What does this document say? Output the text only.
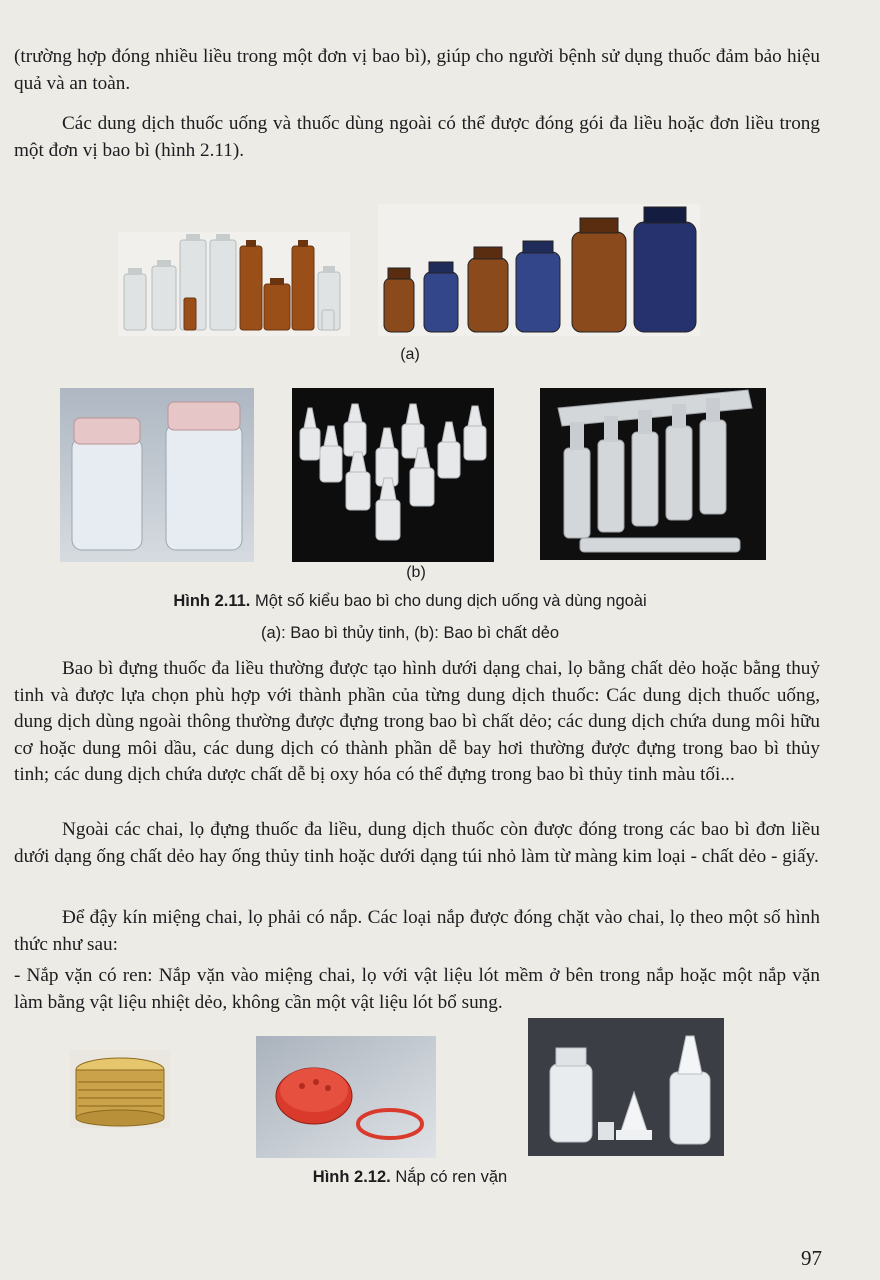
(trường hợp đóng nhiều liều trong một đơn vị bao bì), giúp cho người bệnh sử dụng thuốc đảm bảo hiệu quả và an toàn.

Các dung dịch thuốc uống và thuốc dùng ngoài có thể được đóng gói đa liều hoặc đơn liều trong một đơn vị bao bì (hình 2.11).

(a)
(b)
Hình 2.11. Một số kiểu bao bì cho dung dịch uống và dùng ngoài
(a): Bao bì thủy tinh, (b): Bao bì chất dẻo

Bao bì đựng thuốc đa liều thường được tạo hình dưới dạng chai, lọ bằng chất dẻo hoặc bằng thuỷ tinh và được lựa chọn phù hợp với thành phần của từng dung dịch thuốc: Các dung dịch thuốc uống, dung dịch dùng ngoài thông thường được đựng trong bao bì chất dẻo; các dung dịch chứa dung môi hữu cơ hoặc dung môi dầu, các dung dịch có thành phần dễ bay hơi thường được đựng trong bao bì thủy tinh; các dung dịch chứa dược chất dễ bị oxy hóa có thể đựng trong bao bì thủy tinh màu tối...

Ngoài các chai, lọ đựng thuốc đa liều, dung dịch thuốc còn được đóng trong các bao bì đơn liều dưới dạng ống chất dẻo hay ống thủy tinh hoặc dưới dạng túi nhỏ làm từ màng kim loại - chất dẻo - giấy.

Để đậy kín miệng chai, lọ phải có nắp. Các loại nắp được đóng chặt vào chai, lọ theo một số hình thức như sau:

- Nắp vặn có ren: Nắp vặn vào miệng chai, lọ với vật liệu lót mềm ở bên trong nắp hoặc một nắp vặn làm bằng vật liệu nhiệt dẻo, không cần một vật liệu lót bổ sung.

Hình 2.12. Nắp có ren vặn
97
